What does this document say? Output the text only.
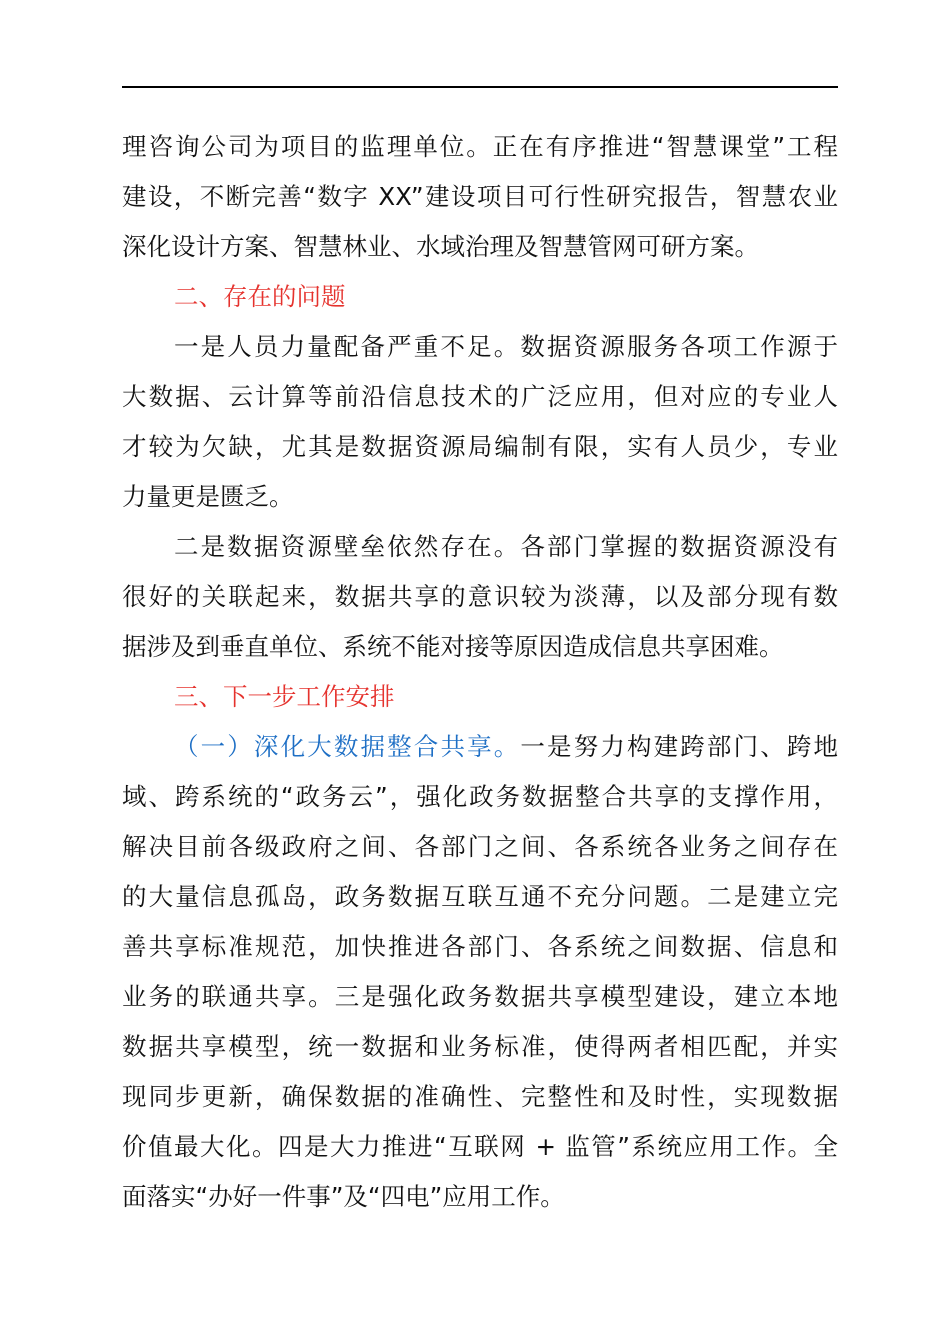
理咨询公司为项目的监理单位。正在有序推进“智慧课堂”工程
建设，不断完善“数字 XX”建设项目可行性研究报告，智慧农业
深化设计方案、智慧林业、水域治理及智慧管网可研方案。
二、存在的问题
一是人员力量配备严重不足。数据资源服务各项工作源于
大数据、云计算等前沿信息技术的广泛应用，但对应的专业人
才较为欠缺，尤其是数据资源局编制有限，实有人员少，专业
力量更是匮乏。
二是数据资源壁垒依然存在。各部门掌握的数据资源没有
很好的关联起来，数据共享的意识较为淡薄，以及部分现有数
据涉及到垂直单位、系统不能对接等原因造成信息共享困难。
三、下一步工作安排
（一）深化大数据整合共享。一是努力构建跨部门、跨地
域、跨系统的“政务云”，强化政务数据整合共享的支撑作用，
解决目前各级政府之间、各部门之间、各系统各业务之间存在
的大量信息孤岛，政务数据互联互通不充分问题。二是建立完
善共享标准规范，加快推进各部门、各系统之间数据、信息和
业务的联通共享。三是强化政务数据共享模型建设，建立本地
数据共享模型，统一数据和业务标准，使得两者相匹配，并实
现同步更新，确保数据的准确性、完整性和及时性，实现数据
价值最大化。四是大力推进“互联网 + 监管”系统应用工作。全
面落实“办好一件事”及“四电”应用工作。
